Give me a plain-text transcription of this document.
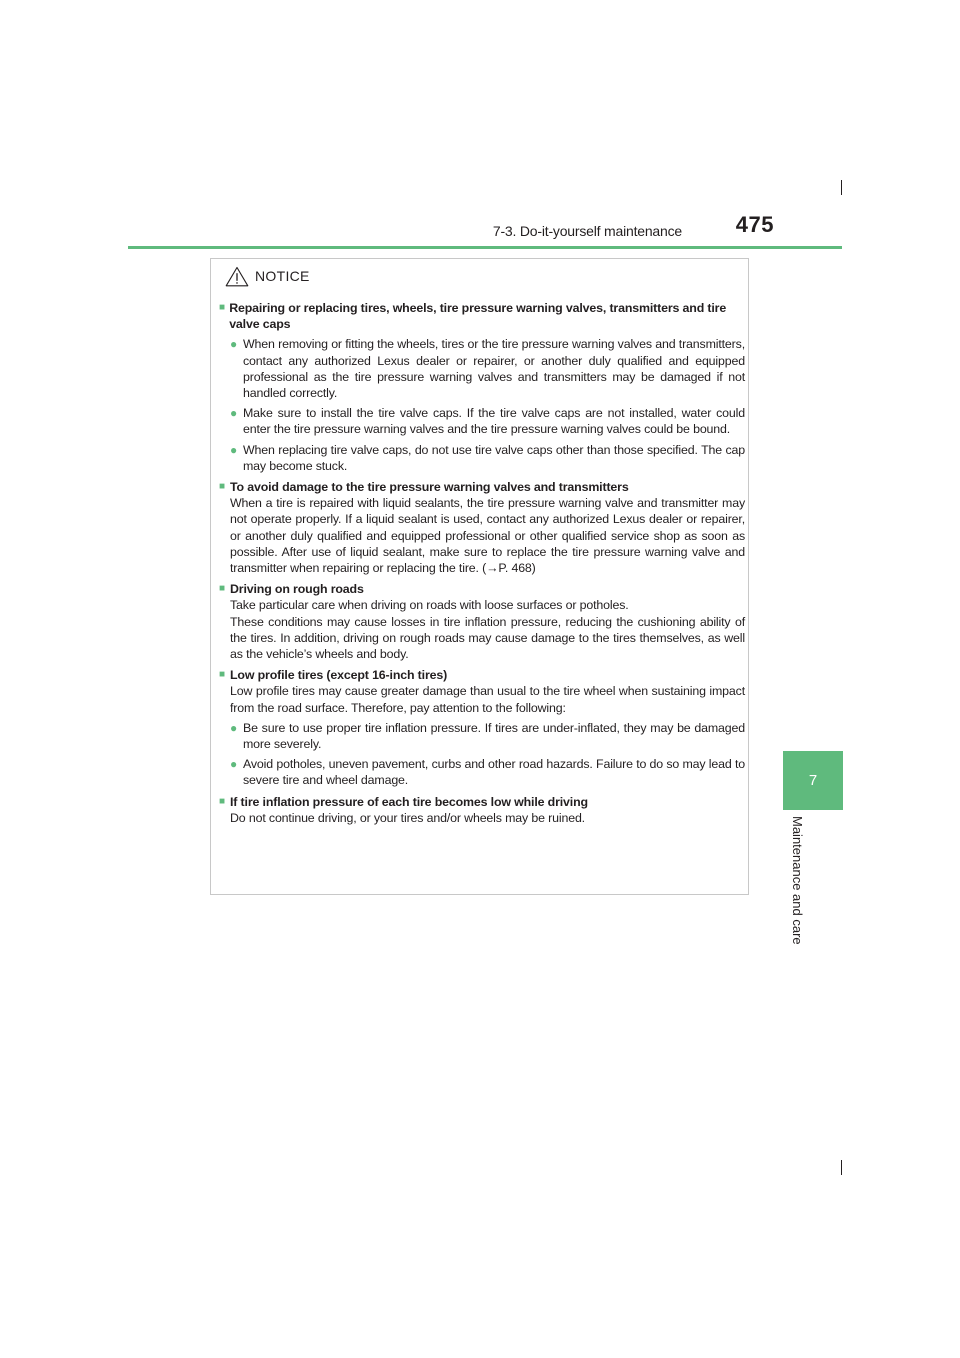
7-3. Do-it-yourself maintenance 475
7
Maintenance and care
NOTICE
■ Repairing or replacing tires, wheels, tire pressure warning valves, transmitters and tire valve caps
● When removing or fitting the wheels, tires or the tire pressure warning valves and transmitters, contact any authorized Lexus dealer or repairer, or another duly qualified and equipped professional as the tire pressure warning valves and transmitters may be damaged if not handled correctly.
● Make sure to install the tire valve caps. If the tire valve caps are not installed, water could enter the tire pressure warning valves and the tire pressure warning valves could be bound.
● When replacing tire valve caps, do not use tire valve caps other than those specified. The cap may become stuck.
■ To avoid damage to the tire pressure warning valves and transmitters
When a tire is repaired with liquid sealants, the tire pressure warning valve and transmitter may not operate properly. If a liquid sealant is used, contact any authorized Lexus dealer or repairer, or another duly qualified and equipped professional or other qualified service shop as soon as possible. After use of liquid sealant, make sure to replace the tire pressure warning valve and transmitter when repairing or replacing the tire. (→P. 468)
■ Driving on rough roads
Take particular care when driving on roads with loose surfaces or potholes.
These conditions may cause losses in tire inflation pressure, reducing the cushioning ability of the tires. In addition, driving on rough roads may cause damage to the tires themselves, as well as the vehicle’s wheels and body.
■ Low profile tires (except 16-inch tires)
Low profile tires may cause greater damage than usual to the tire wheel when sustaining impact from the road surface. Therefore, pay attention to the following:
● Be sure to use proper tire inflation pressure. If tires are under-inflated, they may be damaged more severely.
● Avoid potholes, uneven pavement, curbs and other road hazards. Failure to do so may lead to severe tire and wheel damage.
■ If tire inflation pressure of each tire becomes low while driving
Do not continue driving, or your tires and/or wheels may be ruined.
